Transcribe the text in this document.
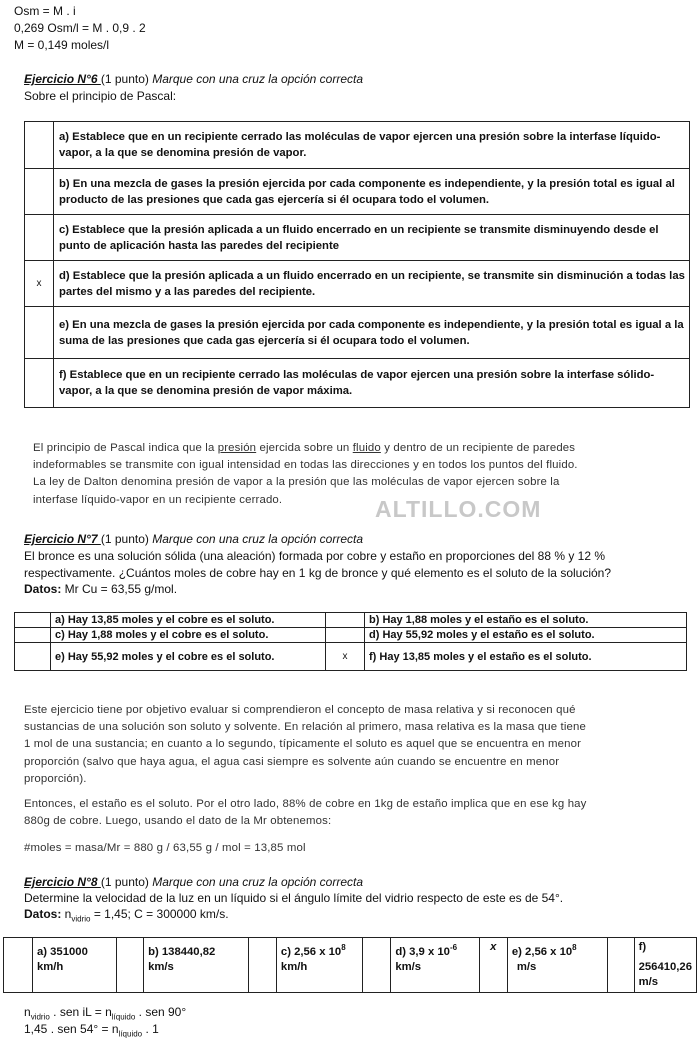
Osm = M . i
0,269 Osm/l = M . 0,9 . 2
M = 0,149 moles/l
Ejercicio N°6 (1 punto) Marque con una cruz la opción correcta
Sobre el principio de Pascal:
	a) Establece que en un recipiente cerrado las moléculas de vapor ejercen una presión sobre la interfase líquido-vapor, a la que se denomina presión de vapor.
	b) En una mezcla de gases la presión ejercida por cada componente es independiente, y la presión total es igual al producto de las presiones que cada gas ejercería si él ocupara todo el volumen.
	c) Establece que la presión aplicada a un fluido encerrado en un recipiente se transmite disminuyendo desde el punto de aplicación hasta las paredes del recipiente
x	d) Establece que la presión aplicada a un fluido encerrado en un recipiente, se transmite sin disminución a todas las partes del mismo y a las paredes del recipiente.
	e) En una mezcla de gases la presión ejercida por cada componente es independiente, y la presión total es igual a la suma de las presiones que cada gas ejercería si él ocupara todo el volumen.
	f) Establece que en un recipiente cerrado las moléculas de vapor ejercen una presión sobre la interfase sólido-vapor, a la que se denomina presión de vapor máxima.
El principio de Pascal indica que la presión ejercida sobre un fluido y dentro de un recipiente de paredes
indeformables se transmite con igual intensidad en todas las direcciones y en todos los puntos del fluido.
La ley de Dalton denomina presión de vapor a la presión que las moléculas de vapor ejercen sobre la
interfase líquido-vapor en un recipiente cerrado.	ALTILLO.COM
Ejercicio N°7 (1 punto) Marque con una cruz la opción correcta
El bronce es una solución sólida (una aleación) formada por cobre y estaño en proporciones del 88 % y 12 %
respectivamente. ¿Cuántos moles de cobre hay en 1 kg de bronce y qué elemento es el soluto de la solución?
Datos: Mr Cu = 63,55 g/mol.
	a) Hay 13,85 moles y el cobre es el soluto.		b) Hay 1,88 moles y el estaño es el soluto.
	c) Hay 1,88 moles y el cobre es el soluto.		d) Hay 55,92 moles y el estaño es el soluto.
	e) Hay 55,92 moles y el cobre es el soluto.	x	f) Hay 13,85 moles y el estaño es el soluto.
Este ejercicio tiene por objetivo evaluar si comprendieron el concepto de masa relativa y si reconocen qué
sustancias de una solución son soluto y solvente. En relación al primero, masa relativa es la masa que tiene
1 mol de una sustancia; en cuanto a lo segundo, típicamente el soluto es aquel que se encuentra en menor
proporción (salvo que haya agua, el agua casi siempre es solvente aún cuando se encuentre en menor
proporción).
Entonces, el estaño es el soluto. Por el otro lado, 88% de cobre en 1kg de estaño implica que en ese kg hay
880g de cobre. Luego, usando el dato de la Mr obtenemos:
#moles = masa/Mr = 880 g / 63,55 g / mol = 13,85 mol
Ejercicio N°8 (1 punto) Marque con una cruz la opción correcta
Determine la velocidad de la luz en un líquido si el ángulo límite del vidrio respecto de este es de 54°.
Datos: $n_{vidrio} = 1,45$; C = 300000 km/s.
	a) 351000
km/h		b) 138440,82
km/s		c) 2,56 x $10^8$
km/h		d) 3,9 x $10^{-6}$
km/s	x	e) 2,56 x $10^8$
m/s		f) 256410,26
m/s
$n_{vidrio}$ . sen iL = $n_{líquido}$ . sen 90°
1,45 . sen $54^\circ = n_{líquido}$ . 1
